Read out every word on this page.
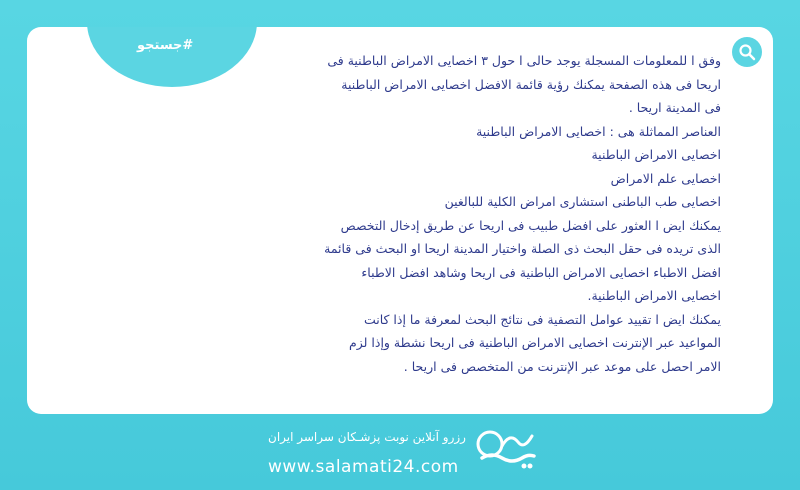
#جستجو

وفق ا للمعلومات المسجلة يوجد حالى ا حول ٣ اخصايى الامراض الباطنية فى اريحا فى هذه الصفحة يمكنك رؤية قائمة الافضل اخصايى الامراض الباطنية فى المدينة اريحا .

العناصر المماثلة هى : اخصايى الامراض الباطنية

اخصايى الامراض الباطنية

اخصايى علم الامراض

اخصايى طب الباطنى استشارى امراض الكلية للبالغين

يمكنك ايض ا العثور على افضل طبيب فى اريحا عن طريق إدخال التخصص الذى تريده فى حقل البحث ذى الصلة واختيار المدينة اريحا او البحث فى قائمة افضل الاطباء اخصايى الامراض الباطنية فى اريحا وشاهد افضل الاطباء اخصايى الامراض الباطنية.

يمكنك ايض ا تقييد عوامل التصفية فى نتائج البحث لمعرفة ما إذا كانت المواعيد عبر الإنترنت اخصايى الامراض الباطنية فى اريحا نشطة وإذا لزم الامر احصل على موعد عبر الإنترنت من المتخصص فى اريحا .

رزرو آنلاین نوبت پزشـکان سراسر ایران
www.salamati24.com
